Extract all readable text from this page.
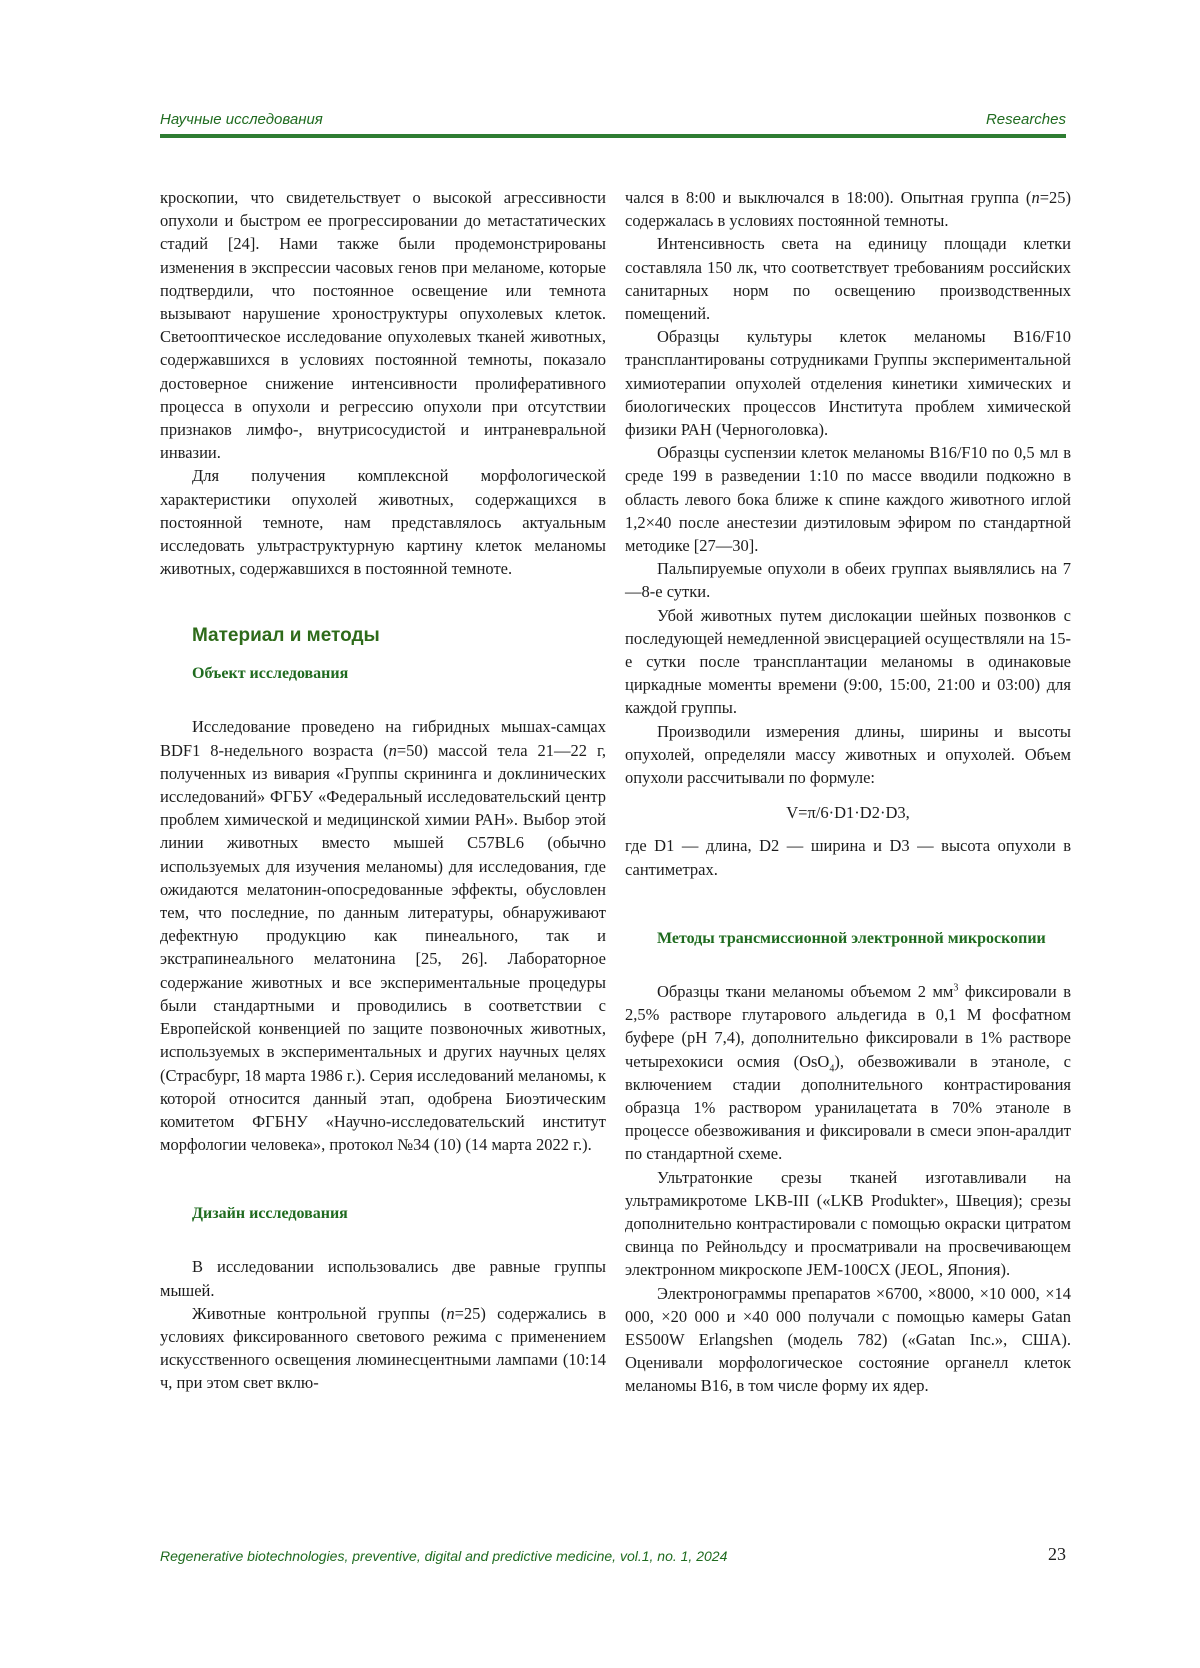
Научные исследования	Researches

кроскопии, что свидетельствует о высокой агрессивности опухоли и быстром ее прогрессировании до метастатических стадий [24]. Нами также были продемонстрированы изменения в экспрессии часовых генов при меланоме, которые подтвердили, что постоянное освещение или темнота вызывают нарушение хроноструктуры опухолевых клеток. Светооптическое исследование опухолевых тканей животных, содержавшихся в условиях постоянной темноты, показало достоверное снижение интенсивности пролиферативного процесса в опухоли и регрессию опухоли при отсутствии признаков лимфо-, внутрисосудистой и интраневральной инвазии.

Для получения комплексной морфологической характеристики опухолей животных, содержащихся в постоянной темноте, нам представлялось актуальным исследовать ультраструктурную картину клеток меланомы животных, содержавшихся в постоянной темноте.

Материал и методы
Объект исследования

Исследование проведено на гибридных мышах-самцах BDF1 8-недельного возраста (n=50) массой тела 21—22 г, полученных из вивария «Группы скрининга и доклинических исследований» ФГБУ «Федеральный исследовательский центр проблем химической и медицинской химии РАН». Выбор этой линии животных вместо мышей C57BL6 (обычно используемых для изучения меланомы) для исследования, где ожидаются мелатонин-опосредованные эффекты, обусловлен тем, что последние, по данным литературы, обнаруживают дефектную продукцию как пинеального, так и экстрапинеального мелатонина [25, 26]. Лабораторное содержание животных и все экспериментальные процедуры были стандартными и проводились в соответствии с Европейской конвенцией по защите позвоночных животных, используемых в экспериментальных и других научных целях (Страсбург, 18 марта 1986 г.). Серия исследований меланомы, к которой относится данный этап, одобрена Биоэтическим комитетом ФГБНУ «Научно-исследовательский институт морфологии человека», протокол №34 (10) (14 марта 2022 г.).

Дизайн исследования

В исследовании использовались две равные группы мышей.

Животные контрольной группы (n=25) содержались в условиях фиксированного светового режима с применением искусственного освещения люминесцентными лампами (10:14 ч, при этом свет вклю-

чался в 8:00 и выключался в 18:00). Опытная группа (n=25) содержалась в условиях постоянной темноты.

Интенсивность света на единицу площади клетки составляла 150 лк, что соответствует требованиям российских санитарных норм по освещению производственных помещений.

Образцы культуры клеток меланомы B16/F10 трансплантированы сотрудниками Группы экспериментальной химиотерапии опухолей отделения кинетики химических и биологических процессов Института проблем химической физики РАН (Черноголовка).

Образцы суспензии клеток меланомы B16/F10 по 0,5 мл в среде 199 в разведении 1:10 по массе вводили подкожно в область левого бока ближе к спине каждого животного иглой 1,2×40 после анестезии диэтиловым эфиром по стандартной методике [27—30].

Пальпируемые опухоли в обеих группах выявлялись на 7—8-е сутки.

Убой животных путем дислокации шейных позвонков с последующей немедленной эвисцерацией осуществляли на 15-е сутки после трансплантации меланомы в одинаковые циркадные моменты времени (9:00, 15:00, 21:00 и 03:00) для каждой группы.

Производили измерения длины, ширины и высоты опухолей, определяли массу животных и опухолей. Объем опухоли рассчитывали по формуле:

V=π/6·D1·D2·D3,

где D1 — длина, D2 — ширина и D3 — высота опухоли в сантиметрах.

Методы трансмиссионной электронной микроскопии

Образцы ткани меланомы объемом 2 $мм^3$ фиксировали в 2,5% растворе глутарового альдегида в 0,1 М фосфатном буфере (pH 7,4), дополнительно фиксировали в 1% растворе четырехокиси осмия (OsO$_4$), обезвоживали в этаноле, с включением стадии дополнительного контрастирования образца 1% раствором уранилацетата в 70% этаноле в процессе обезвоживания и фиксировали в смеси эпон-аралдит по стандартной схеме.

Ультратонкие срезы тканей изготавливали на ультрамикротоме LKB-III («LKB Produkter», Швеция); срезы дополнительно контрастировали с помощью окраски цитратом свинца по Рейнольдсу и просматривали на просвечивающем электронном микроскопе JEM-100CX (JEOL, Япония).

Электронограммы препаратов ×6700, ×8000, ×10 000, ×14 000, ×20 000 и ×40 000 получали с помощью камеры Gatan ES500W Erlangshen (модель 782) («Gatan Inc.», США). Оценивали морфологическое состояние органелл клеток меланомы B16, в том числе форму их ядер.

Regenerative biotechnologies, preventive, digital and predictive medicine, vol.1, no. 1, 2024	23
